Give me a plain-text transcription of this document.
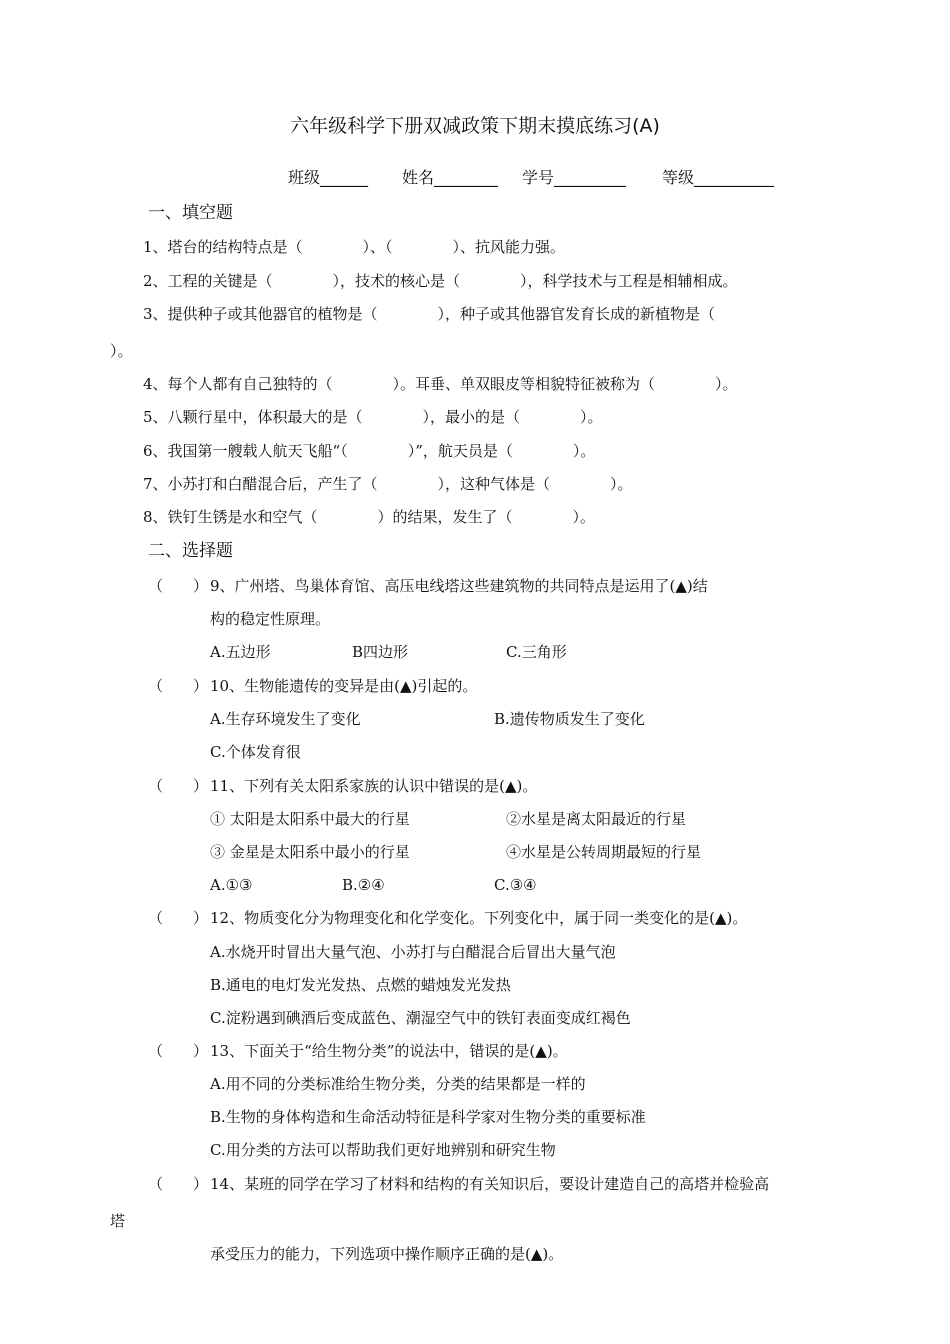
六年级科学下册双减政策下期末摸底练习(A)
班级______ 姓名________ 学号_________ 等级__________
一、填空题
1、塔台的结构特点是（　　　　）、（　　　　）、抗风能力强。
2、工程的关键是（　　　　），技术的核心是（　　　　），科学技术与工程是相辅相成。
3、提供种子或其他器官的植物是（　　　　），种子或其他器官发育长成的新植物是（
）。
4、每个人都有自己独特的（　　　　）。耳垂、单双眼皮等相貌特征被称为（　　　　）。
5、八颗行星中，体积最大的是（　　　　），最小的是（　　　　）。
6、我国第一艘载人航天飞船“（　　　　）”，航天员是（　　　　）。
7、小苏打和白醋混合后，产生了（　　　　），这种气体是（　　　　）。
8、铁钉生锈是水和空气（　　　　）的结果，发生了（　　　　）。
二、选择题
（　　） 9、广州塔、鸟巢体育馆、高压电线塔这些建筑物的共同特点是运用了(▲)结
构的稳定性原理。
A.五边形	B四边形	C.三角形
（　　） 10、生物能遗传的变异是由(▲)引起的。
A.生存环境发生了变化	B.遗传物质发生了变化
C.个体发育很
（　　） 11、下列有关太阳系家族的认识中错误的是(▲)。
① 太阳是太阳系中最大的行星	②水星是离太阳最近的行星
③ 金星是太阳系中最小的行星	④水星是公转周期最短的行星
A.①③	B.②④	C.③④
（　　） 12、物质变化分为物理变化和化学变化。下列变化中，属于同一类变化的是(▲)。
A.水烧开时冒出大量气泡、小苏打与白醋混合后冒出大量气泡
B.通电的电灯发光发热、点燃的蜡烛发光发热
C.淀粉遇到碘酒后变成蓝色、潮湿空气中的铁钉表面变成红褐色
（　　） 13、下面关于“给生物分类”的说法中，错误的是(▲)。
A.用不同的分类标准给生物分类，分类的结果都是一样的
B.生物的身体构造和生命活动特征是科学家对生物分类的重要标准
C.用分类的方法可以帮助我们更好地辨别和研究生物
（　　） 14、某班的同学在学习了材料和结构的有关知识后，要设计建造自己的高塔并检验高
塔
承受压力的能力，下列选项中操作顺序正确的是(▲)。
